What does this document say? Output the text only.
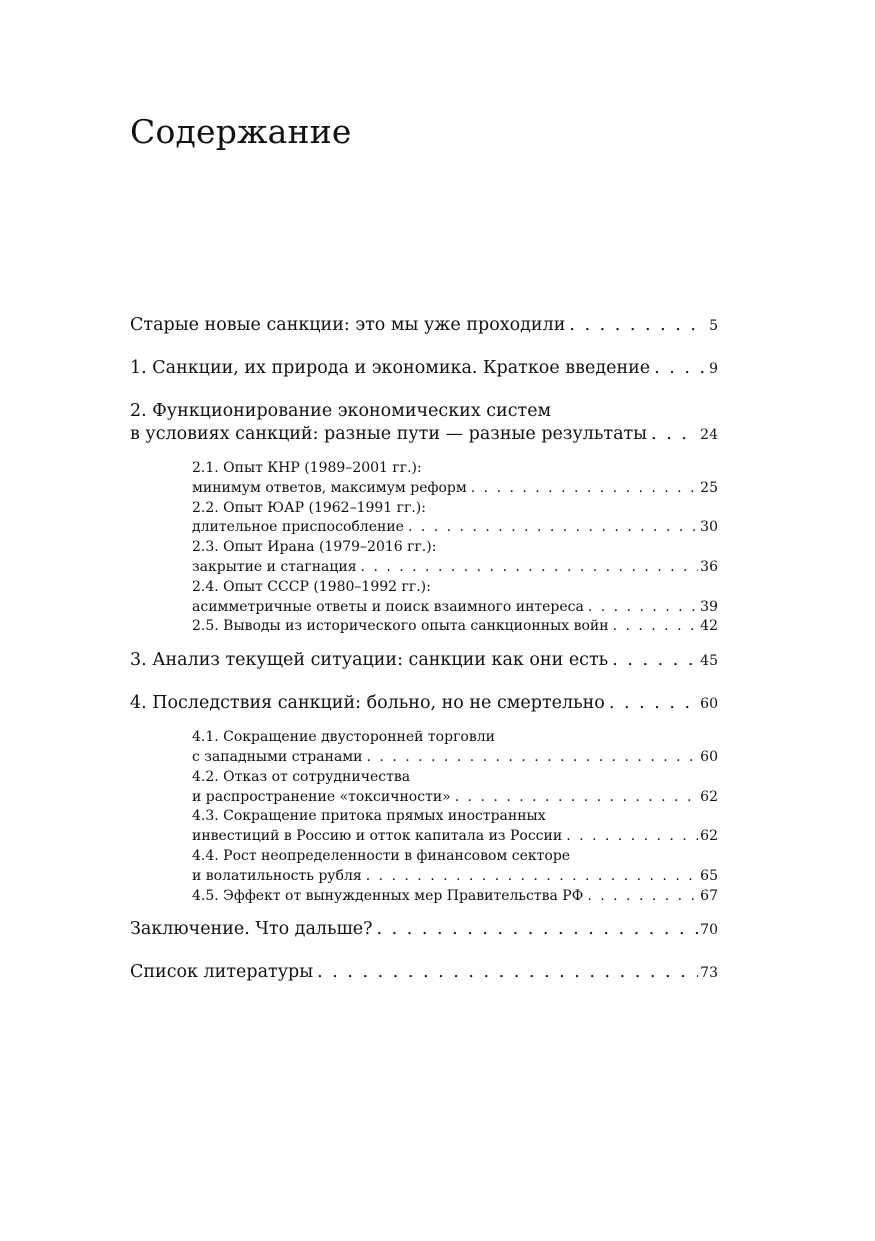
Содержание
Старые новые санкции: это мы уже проходили . . .	5
1. Санкции, их природа и экономика. Краткое введение . . .	9
2. Функционирование экономических систем
в условиях санкций: разные пути — разные результаты . . .	24
2.1. Опыт КНР (1989–2001 гг.):
минимум ответов, максимум реформ . . .	25
2.2. Опыт ЮАР (1962–1991 гг.):
длительное приспособление . . .	30
2.3. Опыт Ирана (1979–2016 гг.):
закрытие и стагнация . . .	36
2.4. Опыт СССР (1980–1992 гг.):
асимметричные ответы и поиск взаимного интереса . . .	39
2.5. Выводы из исторического опыта санкционных войн . . .	42
3. Анализ текущей ситуации: санкции как они есть . . .	45
4. Последствия санкций: больно, но не смертельно . . .	60
4.1. Сокращение двусторонней торговли
с западными странами . . .	60
4.2. Отказ от сотрудничества
и распространение «токсичности» . . .	62
4.3. Сокращение притока прямых иностранных
инвестиций в Россию и отток капитала из России . . .	62
4.4. Рост неопределенности в финансовом секторе
и волатильность рубля . . .	65
4.5. Эффект от вынужденных мер Правительства РФ . . .	67
Заключение. Что дальше? . . .	70
Список литературы . . .	73
